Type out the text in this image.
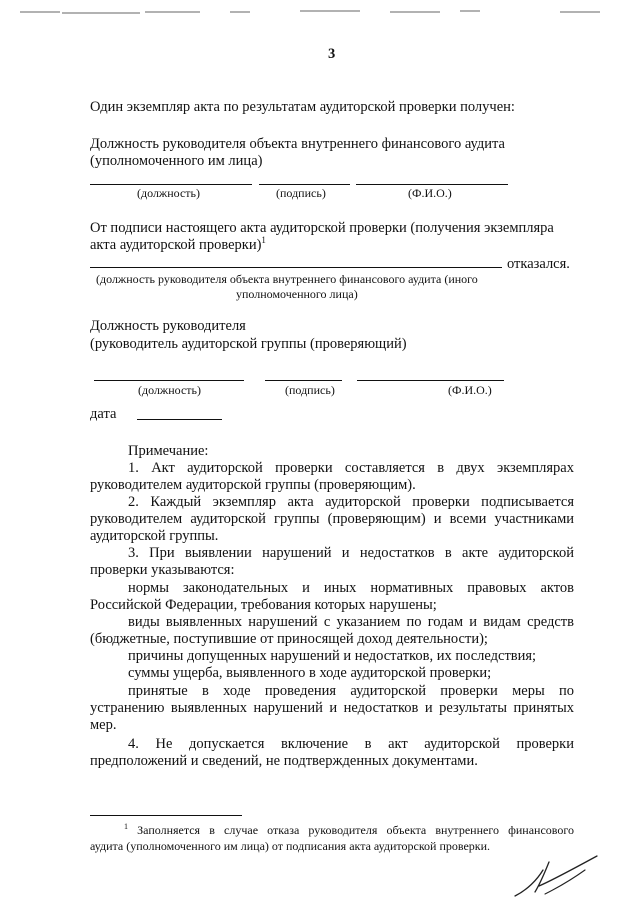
3
Один экземпляр акта по результатам аудиторской проверки получен:
Должность руководителя объекта внутреннего финансового аудита
(уполномоченного им лица)
(должность)	(подпись)	(Ф.И.О.)
От подписи настоящего акта аудиторской проверки (получения экземпляра
акта аудиторской проверки)$^1$
отказался.
(должность руководителя объекта внутреннего финансового аудита (иного
уполномоченного лица)
Должность руководителя
(руководитель аудиторской группы (проверяющий)
(должность)	(подпись)	(Ф.И.О.)
дата
Примечание:
1. Акт аудиторской проверки составляется в двух экземплярах
руководителем аудиторской группы (проверяющим).
2. Каждый экземпляр акта аудиторской проверки подписывается
руководителем аудиторской группы (проверяющим) и всеми участниками
аудиторской группы.
3. При выявлении нарушений и недостатков в акте аудиторской
проверки указываются:
нормы законодательных и иных нормативных правовых актов
Российской Федерации, требования которых нарушены;
виды выявленных нарушений с указанием по годам и видам средств
(бюджетные, поступившие от приносящей доход деятельности);
причины допущенных нарушений и недостатков, их последствия;
суммы ущерба, выявленного в ходе аудиторской проверки;
принятые в ходе проведения аудиторской проверки меры по
устранению выявленных нарушений и недостатков и результаты принятых
мер.
4. Не допускается включение в акт аудиторской проверки
предположений и сведений, не подтвержденных документами.
$^1$ Заполняется в случае отказа руководителя объекта внутреннего финансового
аудита (уполномоченного им лица) от подписания акта аудиторской проверки.
